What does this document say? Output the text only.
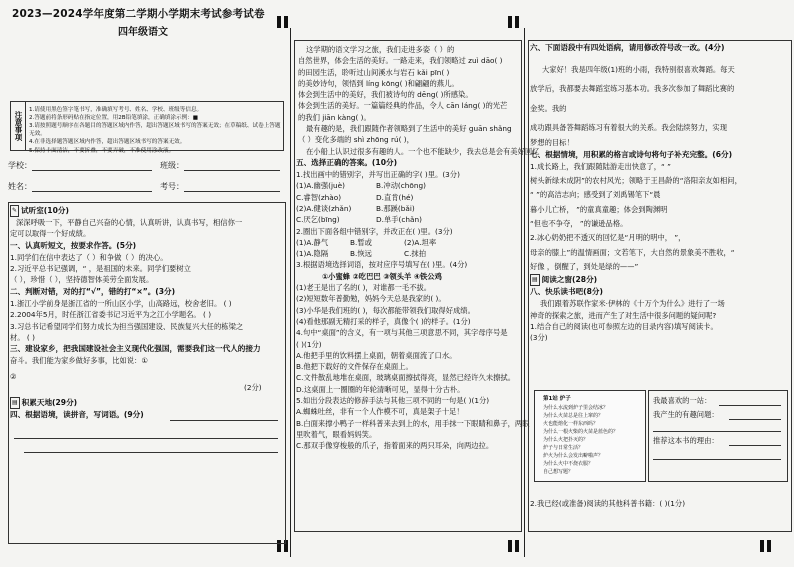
2023—2024学年度第二学期小学期末考试参考试卷
四年级语文
注意事项
1.请使用黑色签字笔书写，准确填写考号、姓名、学校、班级等信息。
2.答题前将条形码贴在指定位置，用2B铅笔填涂，正确填涂示例：■
3.请按照题号顺序在各题目的答题区域内作答，超出答题区域书写的答案无效；在草稿纸、试卷上答题无效。
4.在非选择题答题区域内作答，超出答题区域书写的答案无效。
5.保持卡面清洁，不要折叠，不要弄破，不准使用涂改液。
学校：	班级：
姓名：	考号：
✎ 试听室(10分)
深深呼吸一下，平静自己兴奋的心情，认真听讲，认真书写，相信你一
定可以取得一个好成绩。
一、认真听短文，按要求作答。(5分)
1.同学们在信中表达了（ ）和争做（ ）的决心。
2.习近平总书记强调，“ ，是祖国的未来。同学们要树立
（ ），珍惜（ ），坚持德智体美劳全面发展。
二、判断对错，对的打“√”，错的打“×”。(3分)
1.浙江小学前身是浙江省的一所山区小学，山高路远，校舍老旧。 ( )
2.2004年5月，时任浙江省委书记习近平为之江小学题名。 ( )
3.习总书记希望同学们努力成长为担当强国建设、民族复兴大任的栋梁之
材。 ( )
三、建设家乡，把我国建设社会主义现代化强国，需要我们这一代人的接力
奋斗。我们能为家乡做好多事，比如说：①
②
(2分)
▤ 积累天地(29分)
四、根据语境，读拼音，写词语。(9分)
这学期的语文学习之旅，我们走进多姿（ ）的
自然世界，体会生活的美好。一路走来，我们领略过 zuì dāo( )
的田园生活，聆听过山间溪水与岩石 kǎi pīn( )
的美妙诗句，领悟到 líng kōng( )和翩翩的燕儿。
体会到生活中的美好，我们被诗句的 dēng( )所感染。
体会到生活的美好。一篇篇经典的作品，令人 cān láng( )的光芒
的我们 jiān kàng( )。
最有趣的是，我们跟随作者领略到了生活中的美好 guān shǎng
（ ）变化多端的 shì zhōng rú( )，
在小船上认识过很多有趣的人。一个也不能缺少，我去总是会有美好回忆
五、选择正确的答案。(10分)
1.找出画中的错别字，并写出正确的字( )里。(3分)
(1)A.幽强(juè)	B.冲动(chōng)
C.睿智(zhào)	D.直肯(hé)
(2)A.健谈(zhǎn)	B.那蹊(bǎi)
C.厌乞(bīng)	D.单手(chǎn)
2.圈出下面各组中错别字，并改正在( )里。(3分)
(1)A.静气	B.暂或	(2)A.坦率
(1)A.隐隔	B.恢远	C.抹拍
3.根据语境选择词语，按对应序号填写在( )里。(4分)
①小蜜蜂 ②吃巴巴 ③领头羊 ④铁公鸡
(1)老王是出了名的( )，对谁都一毛不拔。
(2)短短数年普勤勉，妈妈今天总是我家的( )。
(3)小华是我们班的( )，每次都能带领我们取得好成绩。
(4)看他那副无精打采的样子，真像个( )的样子。(1分)
4.句中“桌面”的含义，有一项与其他三项意思不同，其字母序号是
( )(1分)
A.他把手里的饮料摆上桌面，朝着桌面流了口水。
B.他把下载好的文件保存在桌面上。
C.文件散乱地堆在桌面，玻璃桌面擦拭得亮，显然已经许久未擦拭。
D.这桌面上一圈圈的年轮清晰可见，显得十分古朴。
5.如出分段表达的修辞手法与其他三项不同的一句是( )(1分)
A.蜘蛛吐丝，非有一个人作模不可，真是架子十足！
B.白面来撑小鸭子一样科普来去到上的水，用手抹一下眼睛和鼻子，两眼
里吹着气，眼看妈妈笑。
C.那双手像穿梭般的爪子，指着面来的两只耳朵，向两边拉。
六、下面语段中有四处语病，请用修改符号改一改。(4分)
大家好！我是四年级(1)班的小雨，我特别很喜欢舞蹈。每天
放学后，我都要去舞蹈室练习基本功。我多次参加了舞蹈比赛的
金奖。我的
成功跟具备答舞蹈练习有着很大的关系。我会陆续努力，实现
梦想的目标！
七、根据情境，用积累的格言或诗句将句子补充完整。(6分)
1.成长路上，我们跟随陆游走出快意了，“ ”
树头新绿未成阴”的农村风光；领略于王昌龄的“洛阳亲友如相问，
“ ”的高洁志向；感受到了刘禹锡笔下“晨
暮小儿亡桥， ”的童真童趣；体会到陶渊明
“但也不争夺， ”的谦逊品格。
2.冰心奶奶把不透灭的回忆是“月明的明中， ”，
母亲的膝上”的温情画面；文若笔下，大自然的景象美不胜收，“
好像 ，倒醒了，到处是绿的——”
▤ 阅读之窗(28分)
八、快乐读书吧(8分)
我们跟着苏联作家米·伊林的《十万个为什么》进行了一场
神奇的探索之旅，进而产生了对生活中很多问题的疑问呢?
1.结合自己的阅读(也可参照左边的目录内容)填写阅读卡。
(3分)
第1站 炉子
为什么水流到炉子里会结冰？
为什么火苗总是往上窜的？
火也能熔化一样东西吗？
为什么一根火柴的火苗是蓝色的？
为什么火把扑灭的？
炉子与日常生活？
炉火为什么会发出噼啪声？
为什么火中不烧衣服？
自己想写题？
我最喜欢的一站：
我产生的有趣问题：
推荐这本书的理由：
2.我已经(或准备)阅读的其他科普书籍：( )(1分)
